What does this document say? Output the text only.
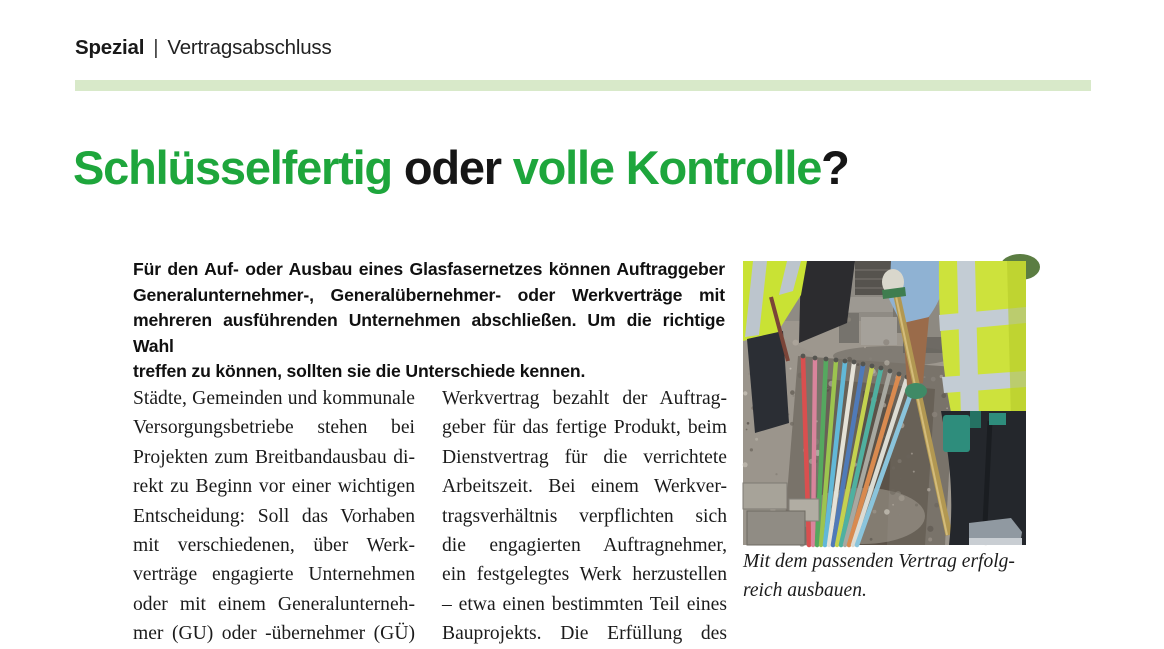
Spezial | Vertragsabschluss
Schlüsselfertig oder volle Kontrolle?
Für den Auf- oder Ausbau eines Glasfasernetzes können Auftraggeber
Generalunternehmer-, Generalübernehmer- oder Werkverträge mit
mehreren ausführenden Unternehmen abschließen. Um die richtige Wahl
treffen zu können, sollten sie die Unterschiede kennen.
Städte, Gemeinden und kommunale
Versorgungsbetriebe stehen bei
Projekten zum Breitbandausbau di-
rekt zu Beginn vor einer wichtigen
Entscheidung: Soll das Vorhaben
mit verschiedenen, über Werk-
verträge engagierte Unternehmen
oder mit einem Generalunterneh-
mer (GU) oder -übernehmer (GÜ)
Werkvertrag bezahlt der Auftrag-
geber für das fertige Produkt, beim
Dienstvertrag für die verrichtete
Arbeitszeit. Bei einem Werkver-
tragsverhältnis verpflichten sich
die engagierten Auftragnehmer,
ein festgelegtes Werk herzustellen
– etwa einen bestimmten Teil eines
Bauprojekts. Die Erfüllung des
Mit dem passenden Vertrag erfolg-
reich ausbauen.
